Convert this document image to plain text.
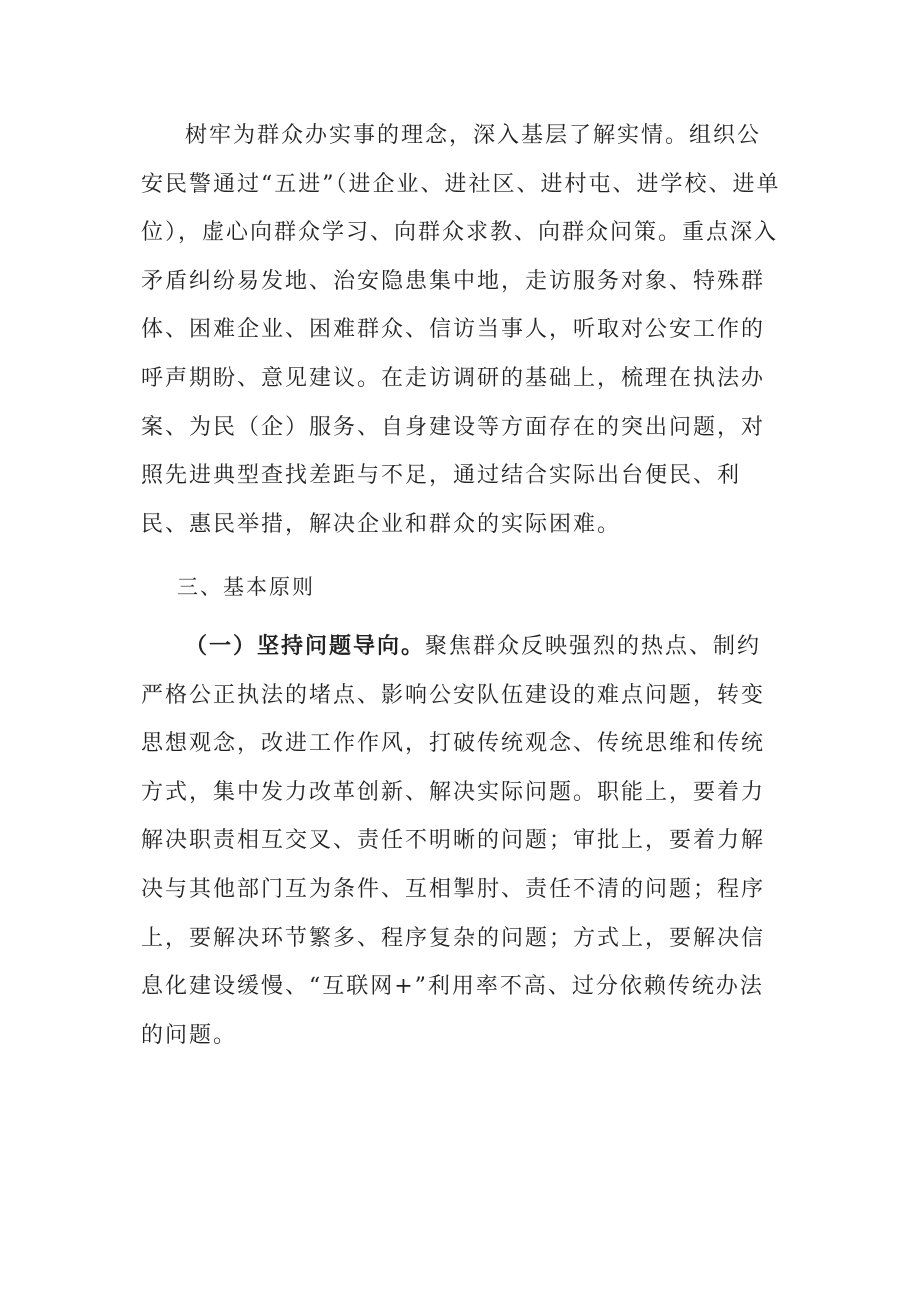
树牢为群众办实事的理念，深入基层了解实情。组织公安民警通过“五进”（进企业、进社区、进村屯、进学校、进单位），虚心向群众学习、向群众求教、向群众问策。重点深入矛盾纠纷易发地、治安隐患集中地，走访服务对象、特殊群体、困难企业、困难群众、信访当事人，听取对公安工作的呼声期盼、意见建议。在走访调研的基础上，梳理在执法办案、为民（企）服务、自身建设等方面存在的突出问题，对照先进典型查找差距与不足，通过结合实际出台便民、利民、惠民举措，解决企业和群众的实际困难。

三、基本原则

（一）坚持问题导向。聚焦群众反映强烈的热点、制约严格公正执法的堵点、影响公安队伍建设的难点问题，转变思想观念，改进工作作风，打破传统观念、传统思维和传统方式，集中发力改革创新、解决实际问题。职能上，要着力解决职责相互交叉、责任不明晰的问题；审批上，要着力解决与其他部门互为条件、互相掣肘、责任不清的问题；程序上，要解决环节繁多、程序复杂的问题；方式上，要解决信息化建设缓慢、“互联网+”利用率不高、过分依赖传统办法的问题。
